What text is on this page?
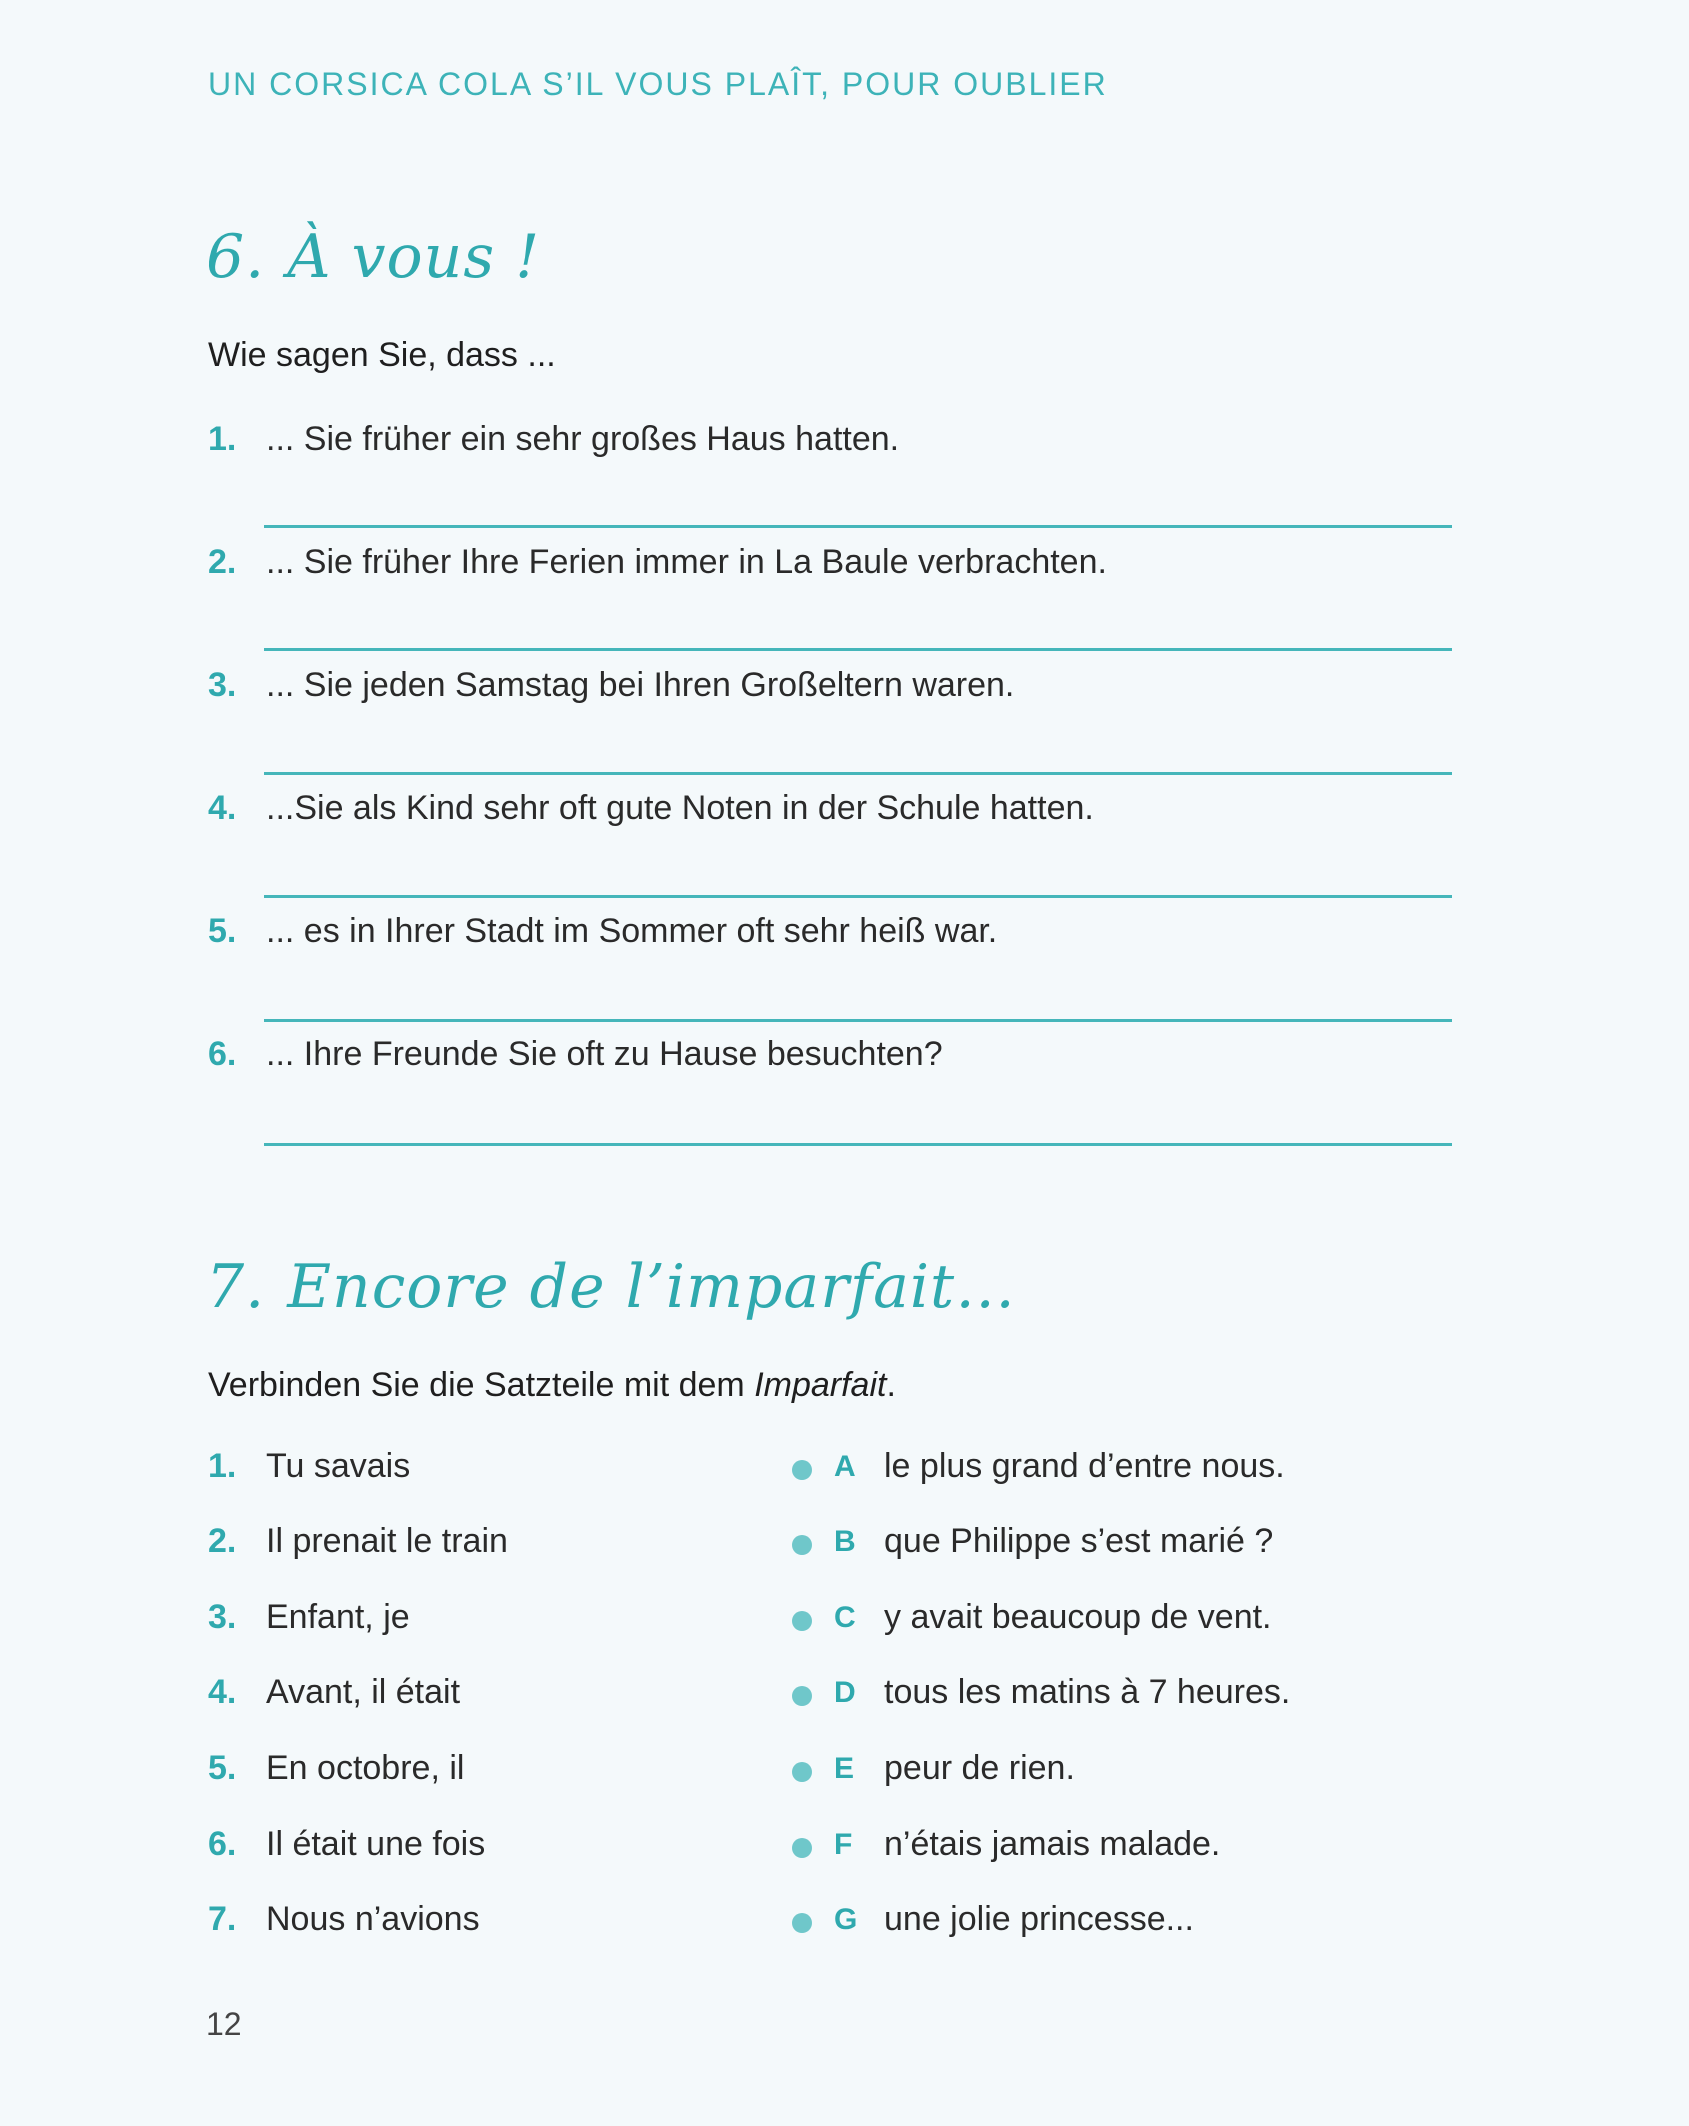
UN CORSICA COLA S’IL VOUS PLAÎT, POUR OUBLIER
6. À vous !
Wie sagen Sie, dass ...
1. ... Sie früher ein sehr großes Haus hatten.
2. ... Sie früher Ihre Ferien immer in La Baule verbrachten.
3. ... Sie jeden Samstag bei Ihren Großeltern waren.
4. ...Sie als Kind sehr oft gute Noten in der Schule hatten.
5. ... es in Ihrer Stadt im Sommer oft sehr heiß war.
6. ... Ihre Freunde Sie oft zu Hause besuchten?
7. Encore de l’imparfait…
Verbinden Sie die Satzteile mit dem Imparfait.
1. Tu savais
2. Il prenait le train
3. Enfant, je
4. Avant, il était
5. En octobre, il
6. Il était une fois
7. Nous n’avions
A le plus grand d’entre nous.
B que Philippe s’est marié ?
C y avait beaucoup de vent.
D tous les matins à 7 heures.
E peur de rien.
F n’étais jamais malade.
G une jolie princesse...
12
